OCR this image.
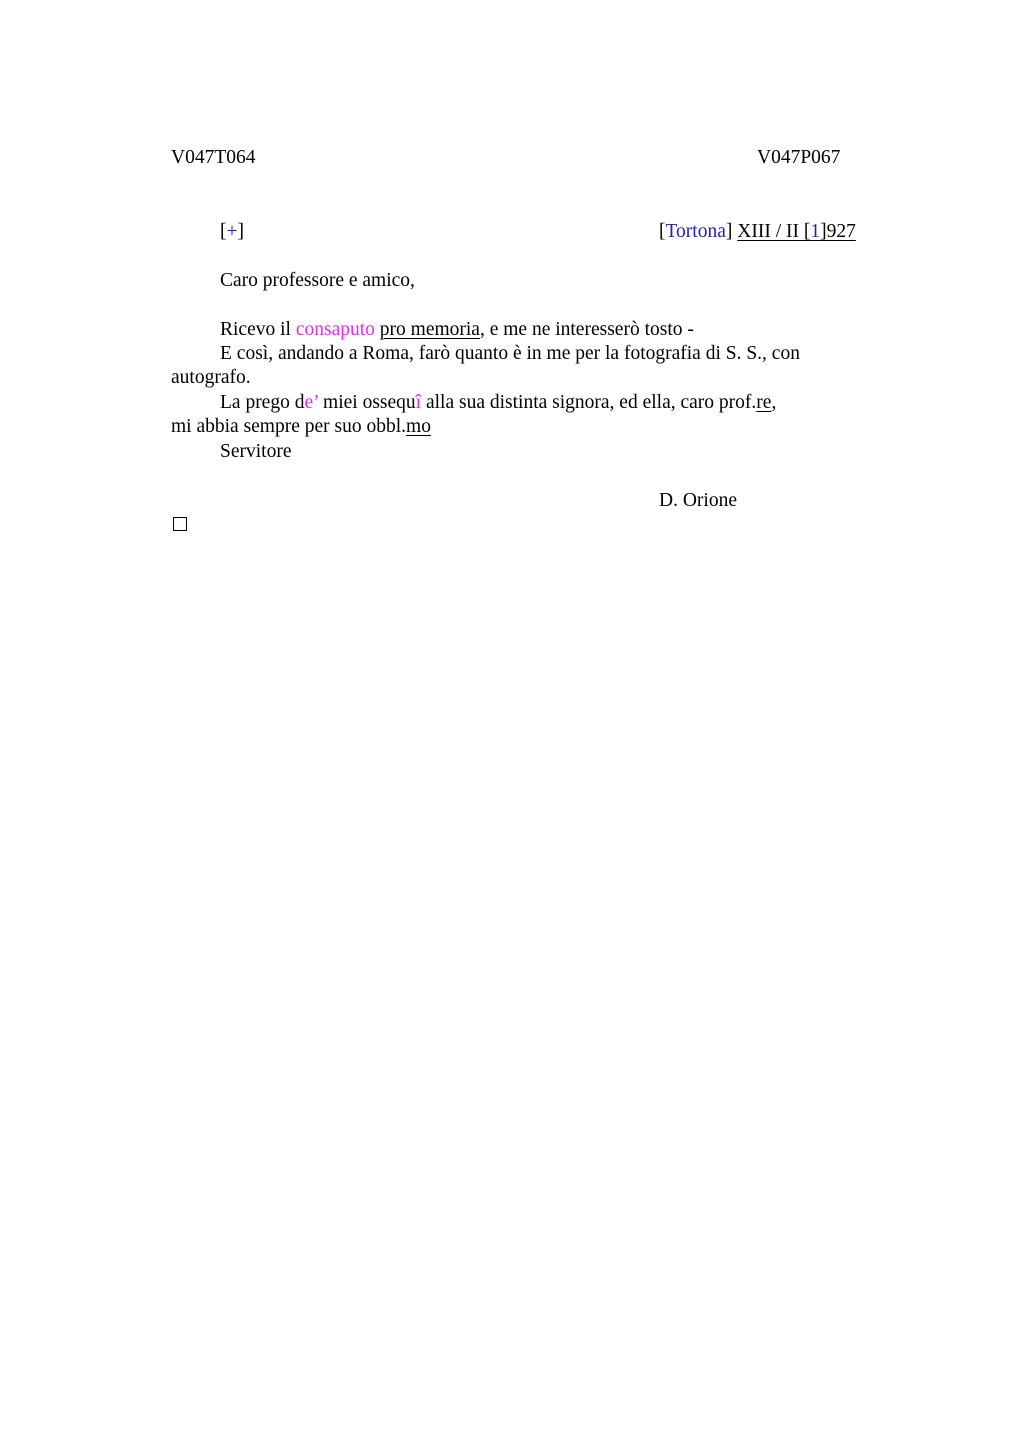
V047T064	V047P067
[+]	[Tortona] XIII / II [1]927
Caro professore e amico,
Ricevo il consaputo pro memoria, e me ne interesserò tosto -
E così, andando a Roma, farò quanto è in me per la fotografia di S. S., con
autografo.
La prego de’ miei ossequî alla sua distinta signora, ed ella, caro prof.re,
mi abbia sempre per suo obbl.mo
Servitore
D. Orione
